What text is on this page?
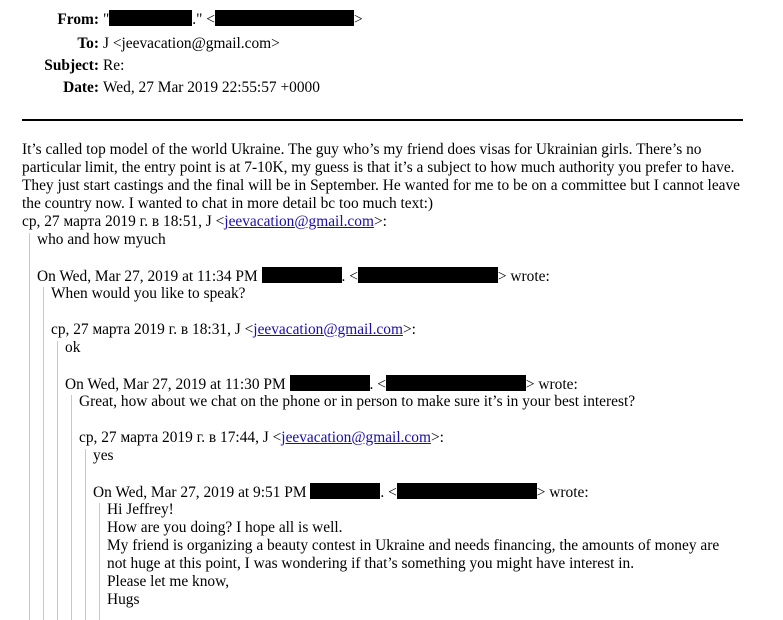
From: "	." <	>
To: J <jeevacation@gmail.com>
Subject: Re:
Date: Wed, 27 Mar 2019 22:55:57 +0000
It’s called top model of the world Ukraine. The guy who’s my friend does visas for Ukrainian girls. There’s no particular limit, the entry point is at 7-10K, my guess is that it’s a subject to how much authority you prefer to have. They just start castings and the final will be in September. He wanted for me to be on a committee but I cannot leave the country now. I wanted to chat in more detail bc too much text:)
ср, 27 марта 2019 г. в 18:51, J <jeevacation@gmail.com>:
who and how myuch
On Wed, Mar 27, 2019 at 11:34 PM	. <	> wrote:
When would you like to speak?
ср, 27 марта 2019 г. в 18:31, J <jeevacation@gmail.com>:
ok
On Wed, Mar 27, 2019 at 11:30 PM	. <	> wrote:
Great, how about we chat on the phone or in person to make sure it’s in your best interest?
ср, 27 марта 2019 г. в 17:44, J <jeevacation@gmail.com>:
yes
On Wed, Mar 27, 2019 at 9:51 PM	. <	> wrote:
Hi Jeffrey!
How are you doing? I hope all is well.
My friend is organizing a beauty contest in Ukraine and needs financing, the amounts of money are
not huge at this point, I was wondering if that’s something you might have interest in.
Please let me know,
Hugs
